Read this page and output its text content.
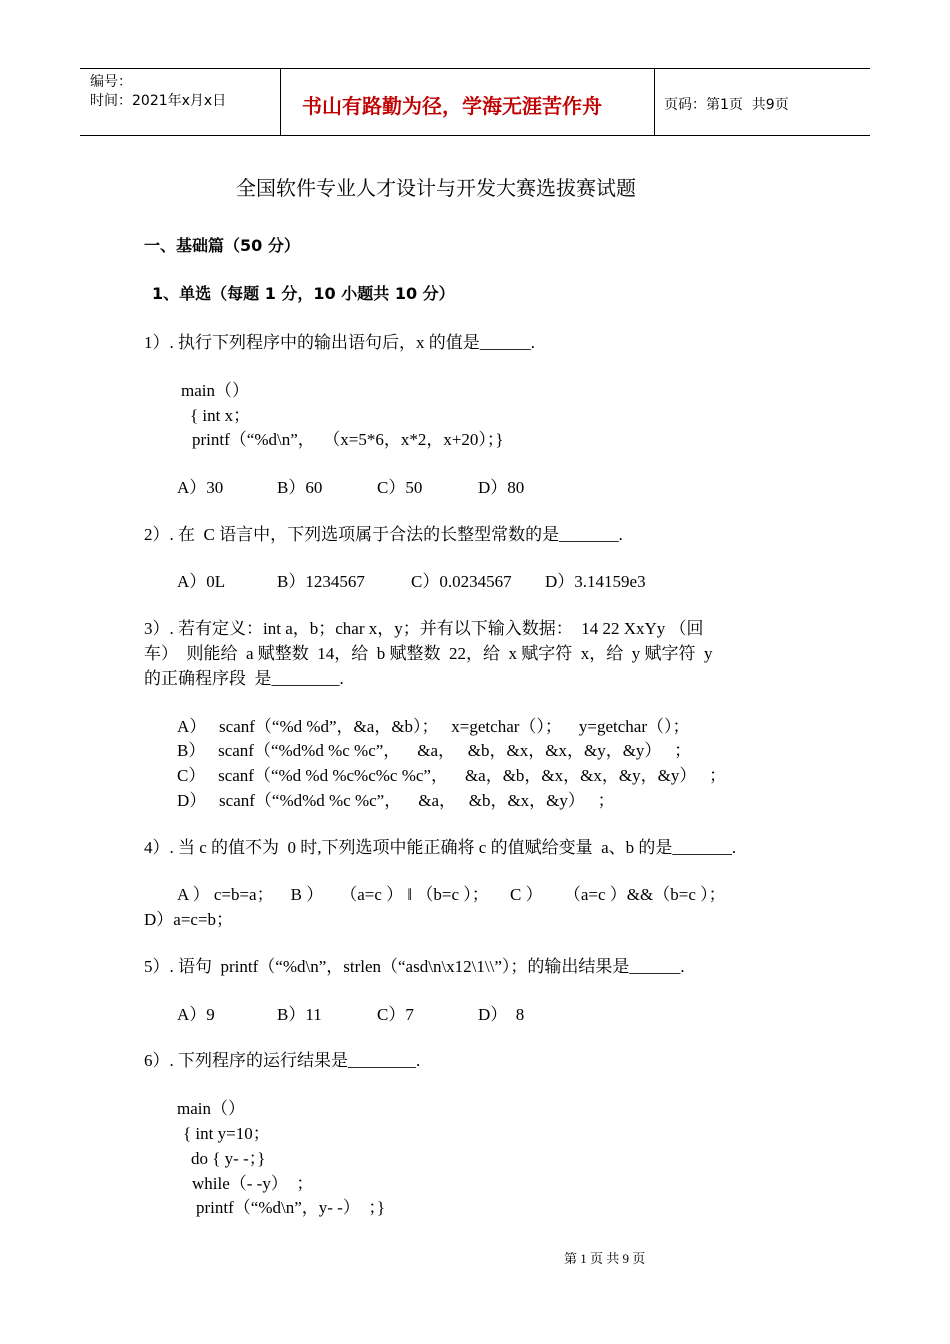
编号：
时间：2021年x月x日	书山有路勤为径，学海无涯苦作舟	页码：第1页  共9页
全国软件专业人才设计与开发大赛选拔赛试题
一、基础篇（50 分）
1、单选（每题 1 分，10 小题共 10 分）
1）. 执行下列程序中的输出语句后，x 的值是______.
main（）
{ int x；
printf（“%d\n”，  （x=5*6，x*2，x+20）；}
A）30	B）60	C）50	D）80
2）. 在  C 语言中，下列选项属于合法的长整型常数的是_______.
A）0L	B）1234567	C）0.0234567 D）3.14159e3
3）. 若有定义：int a，b；char x，y；并有以下输入数据：  14 22 XxYy （回
车）  则能给  a 赋整数  14，给  b 赋整数  22，给  x 赋字符  x，给  y 赋字符  y
的正确程序段  是________.
A）   scanf（“%d %d”，&a，&b）；   x=getchar（）；    y=getchar（）；
B）   scanf（“%d%d %c %c”，    &a，   &b，&x，&x，&y，&y）   ；
C）   scanf（“%d %d %c%c%c %c”，    &a，&b，&x，&x，&y，&y）   ；
D）   scanf（“%d%d %c %c”，    &a，   &b，&x，&y）   ；
4）. 当 c 的值不为  0 时,下列选项中能正确将 c 的值赋给变量  a、b 的是_______.
A ） c=b=a；    B ）    （a=c ） ‖ （b=c ）；     C ）     （a=c ）&&（b=c ）；
D）a=c=b；
5）. 语句  printf（“%d\n”，strlen（“asd\n\x12\1\\”）；的输出结果是______.
A）9	B）11	C）7	D）  8
6）. 下列程序的运行结果是________.
main（）
{ int y=10；
do { y- -；}
while（- -y）  ；
printf（“%d\n”，y- -）  ；}
第 1 页 共 9 页
